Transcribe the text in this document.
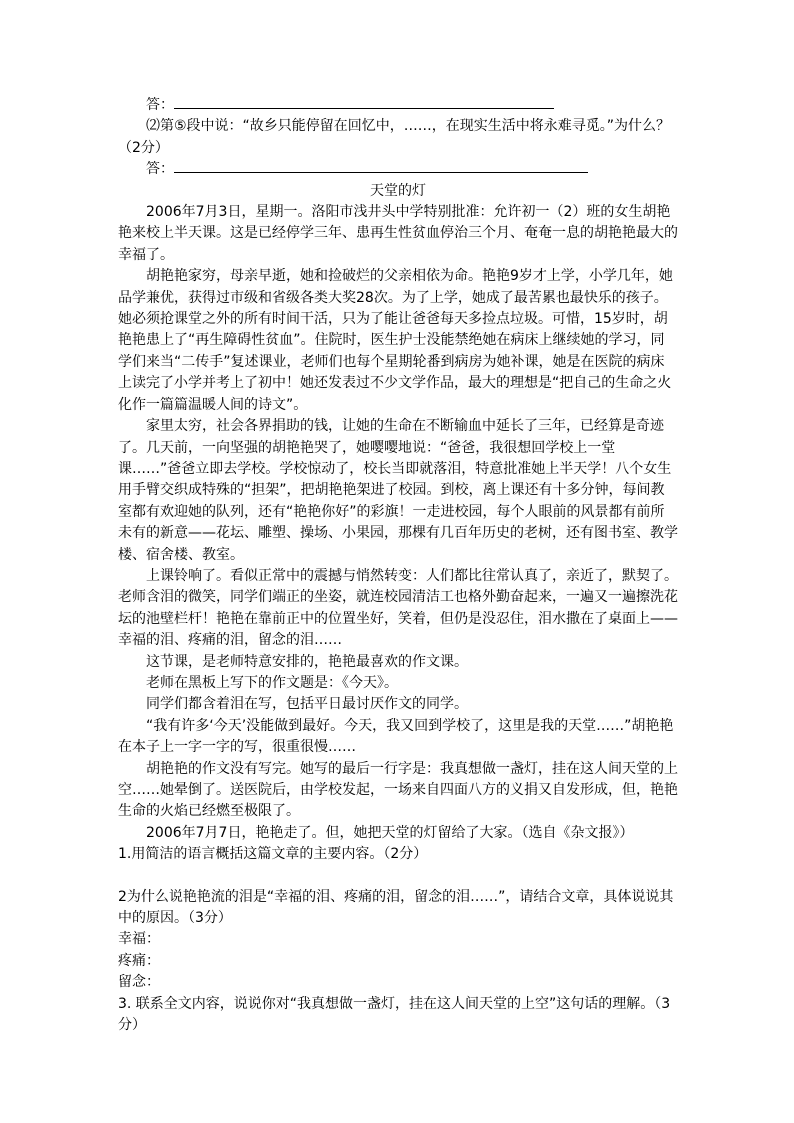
答：

⑵第⑤段中说：“故乡只能停留在回忆中，……，在现实生活中将永难寻觅。”为什么？（2分）

答：

天堂的灯

2006年7月3日，星期一。洛阳市浅井头中学特别批准：允许初一（2）班的女生胡艳艳来校上半天课。这是已经停学三年、患再生性贫血停治三个月、奄奄一息的胡艳艳最大的幸福了。

胡艳艳家穷，母亲早逝，她和捡破烂的父亲相依为命。艳艳9岁才上学，小学几年，她品学兼优，获得过市级和省级各类大奖28次。为了上学，她成了最苦累也最快乐的孩子。她必须抢课堂之外的所有时间干活，只为了能让爸爸每天多捡点垃圾。可惜，15岁时，胡艳艳患上了“再生障碍性贫血”。住院时，医生护士没能禁绝她在病床上继续她的学习，同学们来当“二传手”复述课业，老师们也每个星期轮番到病房为她补课，她是在医院的病床上读完了小学并考上了初中！她还发表过不少文学作品，最大的理想是“把自己的生命之火化作一篇篇温暖人间的诗文”。

家里太穷，社会各界捐助的钱，让她的生命在不断输血中延长了三年，已经算是奇迹了。几天前，一向坚强的胡艳艳哭了，她嘤嘤地说：“爸爸，我很想回学校上一堂课……”爸爸立即去学校。学校惊动了，校长当即就落泪，特意批准她上半天学！八个女生用手臂交织成特殊的“担架”，把胡艳艳架进了校园。到校，离上课还有十多分钟，每间教室都有欢迎她的队列，还有“艳艳你好”的彩旗！一走进校园，每个人眼前的风景都有前所未有的新意——花坛、雕塑、操场、小果园，那棵有几百年历史的老树，还有图书室、教学楼、宿舍楼、教室。

上课铃响了。看似正常中的震撼与悄然转变：人们都比往常认真了，亲近了，默契了。老师含泪的微笑，同学们端正的坐姿，就连校园清洁工也格外勤奋起来，一遍又一遍擦洗花坛的池壁栏杆！艳艳在靠前正中的位置坐好，笑着，但仍是没忍住，泪水撒在了桌面上——幸福的泪、疼痛的泪，留念的泪……

这节课，是老师特意安排的，艳艳最喜欢的作文课。

老师在黑板上写下的作文题是：《今天》。

同学们都含着泪在写，包括平日最讨厌作文的同学。

“我有许多‘今天’没能做到最好。今天，我又回到学校了，这里是我的天堂……”胡艳艳在本子上一字一字的写，很重很慢……

胡艳艳的作文没有写完。她写的最后一行字是：我真想做一盏灯，挂在这人间天堂的上空……她晕倒了。送医院后，由学校发起，一场来自四面八方的义捐又自发形成，但，艳艳生命的火焰已经燃至极限了。

2006年7月7日，艳艳走了。但，她把天堂的灯留给了大家。（选自《杂文报》）

1.用简洁的语言概括这篇文章的主要内容。（2分）

2为什么说艳艳流的泪是“幸福的泪、疼痛的泪，留念的泪……”，请结合文章，具体说说其中的原因。（3分）

幸福：

疼痛：

留念：

3. 联系全文内容，说说你对“我真想做一盏灯，挂在这人间天堂的上空”这句话的理解。（3分）
